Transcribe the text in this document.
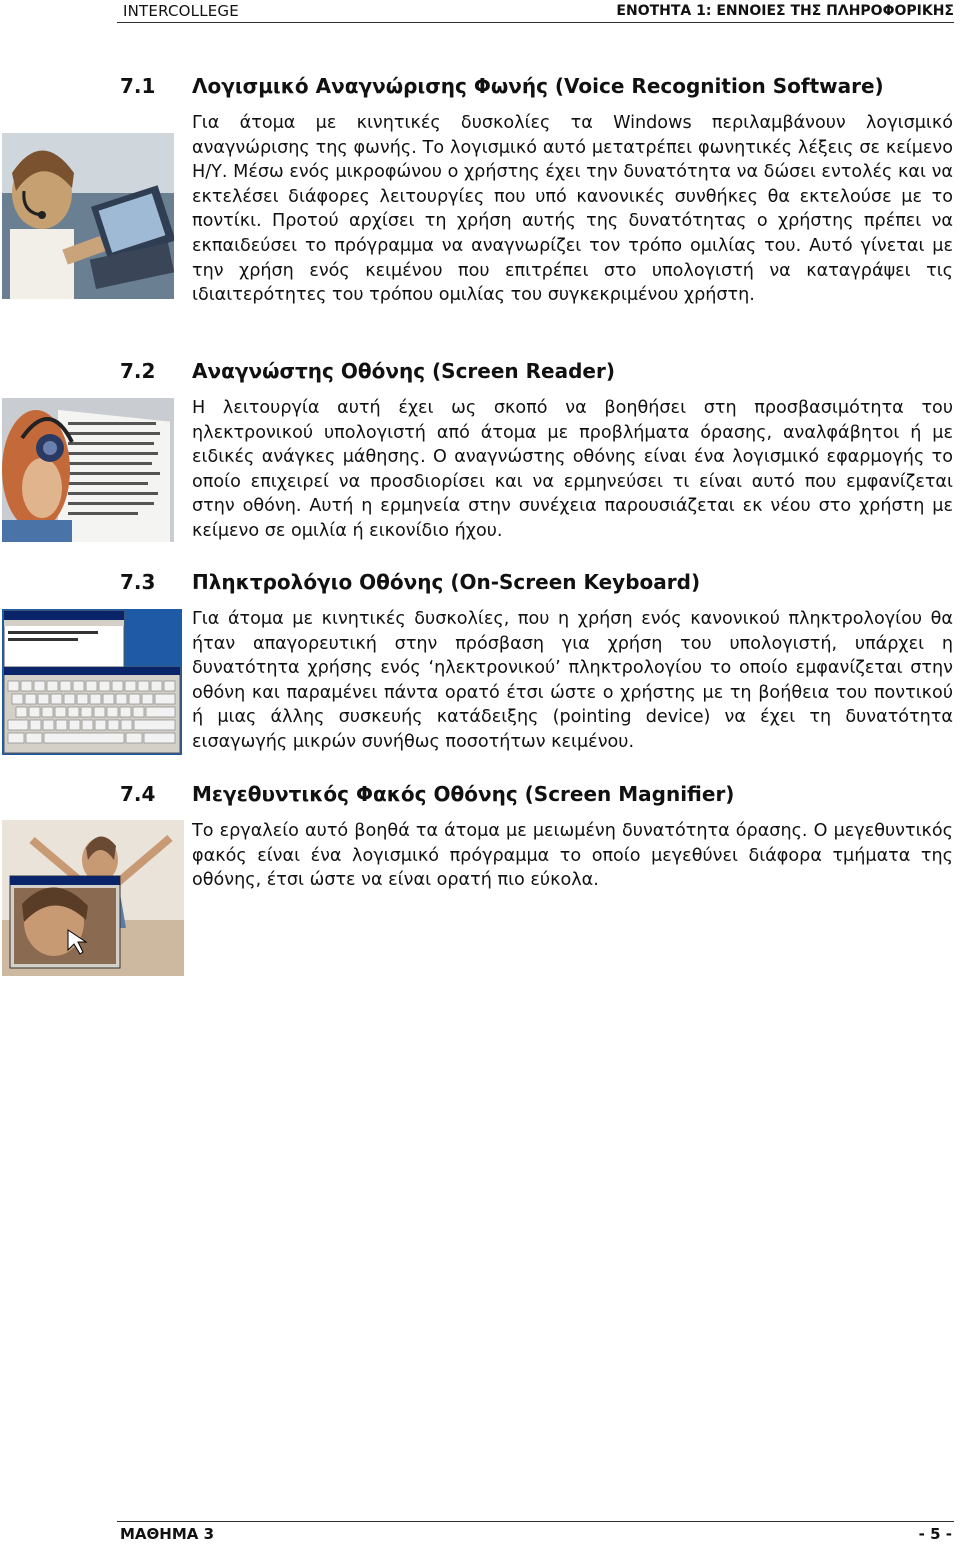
INTERCOLLEGE	ΕΝΟΤΗΤΑ 1: ΕΝΝΟΙΕΣ ΤΗΣ ΠΛΗΡΟΦΟΡΙΚΗΣ
7.1 Λογισμικό Αναγνώρισης Φωνής (Voice Recognition Software)

Για άτομα με κινητικές δυσκολίες τα Windows περιλαμβάνουν λογισμικό αναγνώρισης της φωνής. Το λογισμικό αυτό μετατρέπει φωνητικές λέξεις σε κείμενο Η/Υ. Μέσω ενός μικροφώνου ο χρήστης έχει την δυνατότητα να δώσει εντολές και να εκτελέσει διάφορες λειτουργίες που υπό κανονικές συνθήκες θα εκτελούσε με το ποντίκι. Προτού αρχίσει τη χρήση αυτής της δυνατότητας ο χρήστης πρέπει να εκπαιδεύσει το πρόγραμμα να αναγνωρίζει τον τρόπο ομιλίας του. Αυτό γίνεται με την χρήση ενός κειμένου που επιτρέπει στο υπολογιστή να καταγράψει τις ιδιαιτερότητες του τρόπου ομιλίας του συγκεκριμένου χρήστη.

7.2 Αναγνώστης Οθόνης (Screen Reader)

Η λειτουργία αυτή έχει ως σκοπό να βοηθήσει στη προσβασιμότητα του ηλεκτρονικού υπολογιστή από άτομα με προβλήματα όρασης, αναλφάβητοι ή με ειδικές ανάγκες μάθησης. Ο αναγνώστης οθόνης είναι ένα λογισμικό εφαρμογής το οποίο επιχειρεί να προσδιορίσει και να ερμηνεύσει τι είναι αυτό που εμφανίζεται στην οθόνη. Αυτή η ερμηνεία στην συνέχεια παρουσιάζεται εκ νέου στο χρήστη με κείμενο σε ομιλία ή εικονίδιο ήχου.

7.3 Πληκτρολόγιο Οθόνης (On-Screen Keyboard)

Για άτομα με κινητικές δυσκολίες, που η χρήση ενός κανονικού πληκτρολογίου θα ήταν απαγορευτική στην πρόσβαση για χρήση του υπολογιστή, υπάρχει η δυνατότητα χρήσης ενός ‘ηλεκτρονικού’ πληκτρολογίου το οποίο εμφανίζεται στην οθόνη και παραμένει πάντα ορατό έτσι ώστε ο χρήστης με τη βοήθεια του ποντικού ή μιας άλλης συσκευής κατάδειξης (pointing device) να έχει τη δυνατότητα εισαγωγής μικρών συνήθως ποσοτήτων κειμένου.

7.4 Μεγεθυντικός Φακός Οθόνης (Screen Magnifier)

Το εργαλείο αυτό βοηθά τα άτομα με μειωμένη δυνατότητα όρασης. Ο μεγεθυντικός φακός είναι ένα λογισμικό πρόγραμμα το οποίο μεγεθύνει διάφορα τμήματα της οθόνης, έτσι ώστε να είναι ορατή πιο εύκολα.

ΜΑΘΗΜΑ 3	- 5 -
